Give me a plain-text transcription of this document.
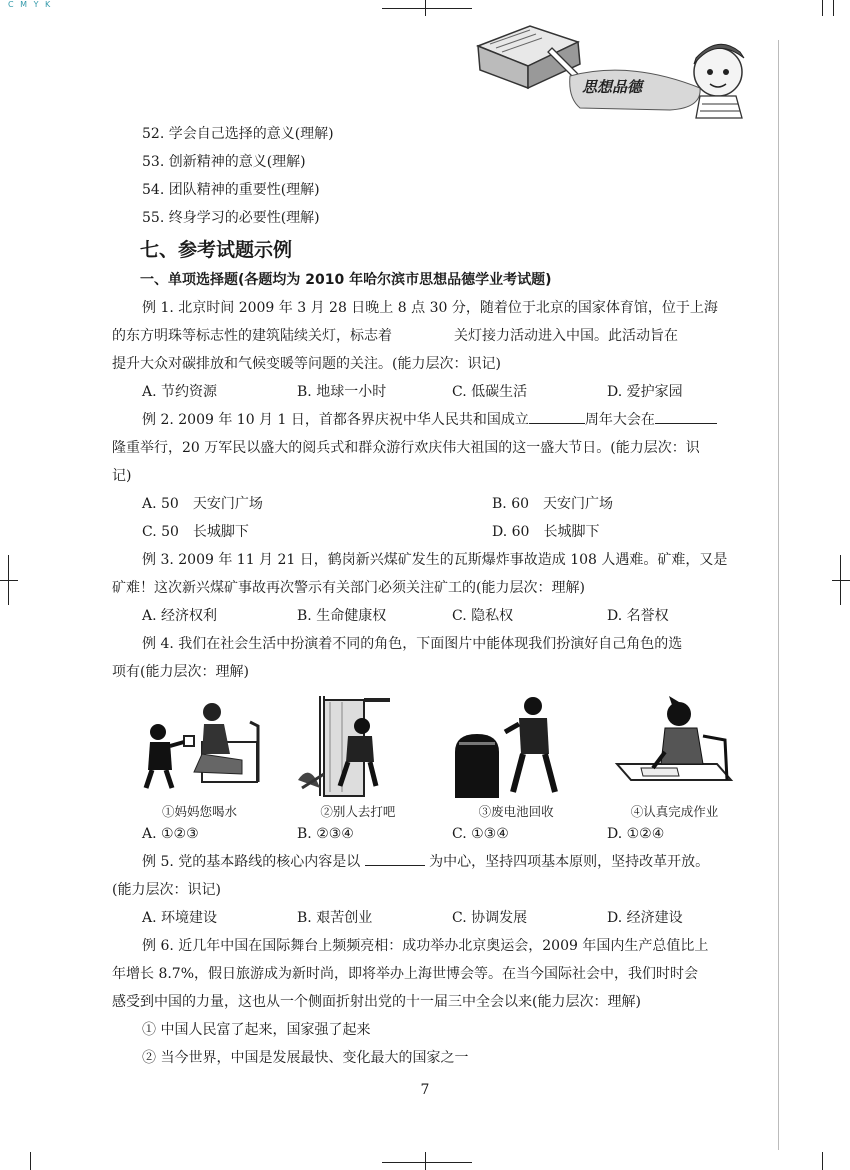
C M Y K
思想品德
52. 学会自己选择的意义(理解)
53. 创新精神的意义(理解)
54. 团队精神的重要性(理解)
55. 终身学习的必要性(理解)
七、参考试题示例
一、单项选择题(各题均为 2010 年哈尔滨市思想品德学业考试题)
例 1. 北京时间 2009 年 3 月 28 日晚上 8 点 30 分，随着位于北京的国家体育馆，位于上海
的东方明珠等标志性的建筑陆续关灯，标志着	关灯接力活动进入中国。此活动旨在
提升大众对碳排放和气候变暖等问题的关注。(能力层次：识记)
A. 节约资源	B. 地球一小时	C. 低碳生活	D. 爱护家园
例 2. 2009 年 10 月 1 日，首都各界庆祝中华人民共和国成立	周年大会在
隆重举行，20 万军民以盛大的阅兵式和群众游行欢庆伟大祖国的这一盛大节日。(能力层次：识
记)
A. 50　天安门广场	B. 60　天安门广场
C. 50　长城脚下	D. 60　长城脚下
例 3. 2009 年 11 月 21 日，鹤岗新兴煤矿发生的瓦斯爆炸事故造成 108 人遇难。矿难，又是
矿难！这次新兴煤矿事故再次警示有关部门必须关注矿工的(能力层次：理解)
A. 经济权利	B. 生命健康权	C. 隐私权	D. 名誉权
例 4. 我们在社会生活中扮演着不同的角色，下面图片中能体现我们扮演好自己角色的选
项有(能力层次：理解)
①妈妈您喝水	②别人去打吧	③废电池回收	④认真完成作业
A. ①②③	B. ②③④	C. ①③④	D. ①②④
例 5. 党的基本路线的核心内容是以	为中心，坚持四项基本原则，坚持改革开放。
(能力层次：识记)
A. 环境建设	B. 艰苦创业	C. 协调发展	D. 经济建设
例 6. 近几年中国在国际舞台上频频亮相：成功举办北京奥运会，2009 年国内生产总值比上
年增长 8.7%，假日旅游成为新时尚，即将举办上海世博会等。在当今国际社会中，我们时时会
感受到中国的力量，这也从一个侧面折射出党的十一届三中全会以来(能力层次：理解)
① 中国人民富了起来，国家强了起来
② 当今世界，中国是发展最快、变化最大的国家之一
7
